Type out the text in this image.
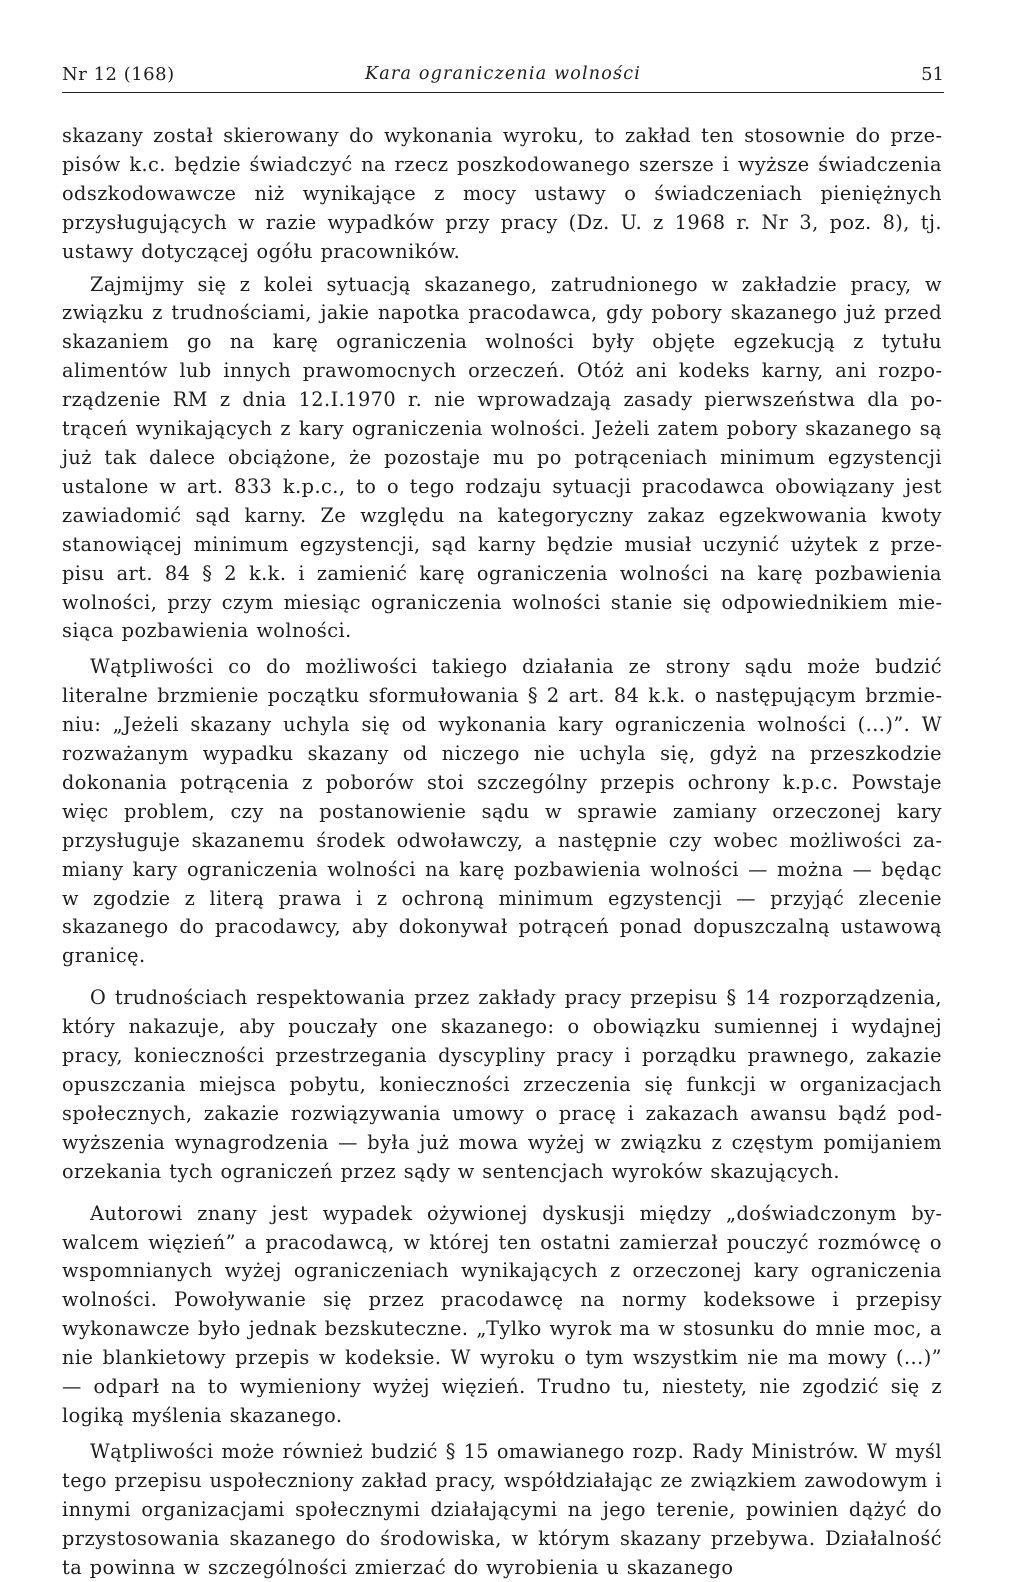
Nr 12 (168)	Kara ograniczenia wolności	51

skazany został skierowany do wykonania wyroku, to zakład ten stosownie do przepisów k.c. będzie świadczyć na rzecz poszkodowanego szersze i wyższe świadczenia odszkodowawcze niż wynikające z mocy ustawy o świadczeniach pieniężnych przysługujących w razie wypadków przy pracy (Dz. U. z 1968 r. Nr 3, poz. 8), tj. ustawy dotyczącej ogółu pracowników.

Zajmijmy się z kolei sytuacją skazanego, zatrudnionego w zakładzie pracy, w związku z trudnościami, jakie napotka pracodawca, gdy pobory skazanego już przed skazaniem go na karę ograniczenia wolności były objęte egzekucją z tytułu alimentów lub innych prawomocnych orzeczeń. Otóż ani kodeks karny, ani rozporządzenie RM z dnia 12.I.1970 r. nie wprowadzają zasady pierwszeństwa dla potrąceń wynikających z kary ograniczenia wolności. Jeżeli zatem pobory skazanego są już tak dalece obciążone, że pozostaje mu po potrąceniach minimum egzystencji ustalone w art. 833 k.p.c., to o tego rodzaju sytuacji pracodawca obowiązany jest zawiadomić sąd karny. Ze względu na kategoryczny zakaz egzekwowania kwoty stanowiącej minimum egzystencji, sąd karny będzie musiał uczynić użytek z przepisu art. 84 § 2 k.k. i zamienić karę ograniczenia wolności na karę pozbawienia wolności, przy czym miesiąc ograniczenia wolności stanie się odpowiednikiem miesiąca pozbawienia wolności.

Wątpliwości co do możliwości takiego działania ze strony sądu może budzić literalne brzmienie początku sformułowania § 2 art. 84 k.k. o następującym brzmieniu: „Jeżeli skazany uchyla się od wykonania kary ograniczenia wolności (...)”. W rozważanym wypadku skazany od niczego nie uchyla się, gdyż na przeszkodzie dokonania potrącenia z poborów stoi szczególny przepis ochrony k.p.c. Powstaje więc problem, czy na postanowienie sądu w sprawie zamiany orzeczonej kary przysługuje skazanemu środek odwoławczy, a następnie czy wobec możliwości zamiany kary ograniczenia wolności na karę pozbawienia wolności — można — będąc w zgodzie z literą prawa i z ochroną minimum egzystencji — przyjąć zlecenie skazanego do pracodawcy, aby dokonywał potrąceń ponad dopuszczalną ustawową granicę.

O trudnościach respektowania przez zakłady pracy przepisu § 14 rozporządzenia, który nakazuje, aby pouczały one skazanego: o obowiązku sumiennej i wydajnej pracy, konieczności przestrzegania dyscypliny pracy i porządku prawnego, zakazie opuszczania miejsca pobytu, konieczności zrzeczenia się funkcji w organizacjach społecznych, zakazie rozwiązywania umowy o pracę i zakazach awansu bądź podwyższenia wynagrodzenia — była już mowa wyżej w związku z częstym pomijaniem orzekania tych ograniczeń przez sądy w sentencjach wyroków skazujących.

Autorowi znany jest wypadek ożywionej dyskusji między „doświadczonym bywalcem więzień” a pracodawcą, w której ten ostatni zamierzał pouczyć rozmówcę o wspomnianych wyżej ograniczeniach wynikających z orzeczonej kary ograniczenia wolności. Powoływanie się przez pracodawcę na normy kodeksowe i przepisy wykonawcze było jednak bezskuteczne. „Tylko wyrok ma w stosunku do mnie moc, a nie blankietowy przepis w kodeksie. W wyroku o tym wszystkim nie ma mowy (...)” — odparł na to wymieniony wyżej więzień. Trudno tu, niestety, nie zgodzić się z logiką myślenia skazanego.

Wątpliwości może również budzić § 15 omawianego rozp. Rady Ministrów. W myśl tego przepisu uspołeczniony zakład pracy, współdziałając ze związkiem zawodowym i innymi organizacjami społecznymi działającymi na jego terenie, powinien dążyć do przystosowania skazanego do środowiska, w którym skazany przebywa. Działalność ta powinna w szczególności zmierzać do wyrobienia u skazanego
